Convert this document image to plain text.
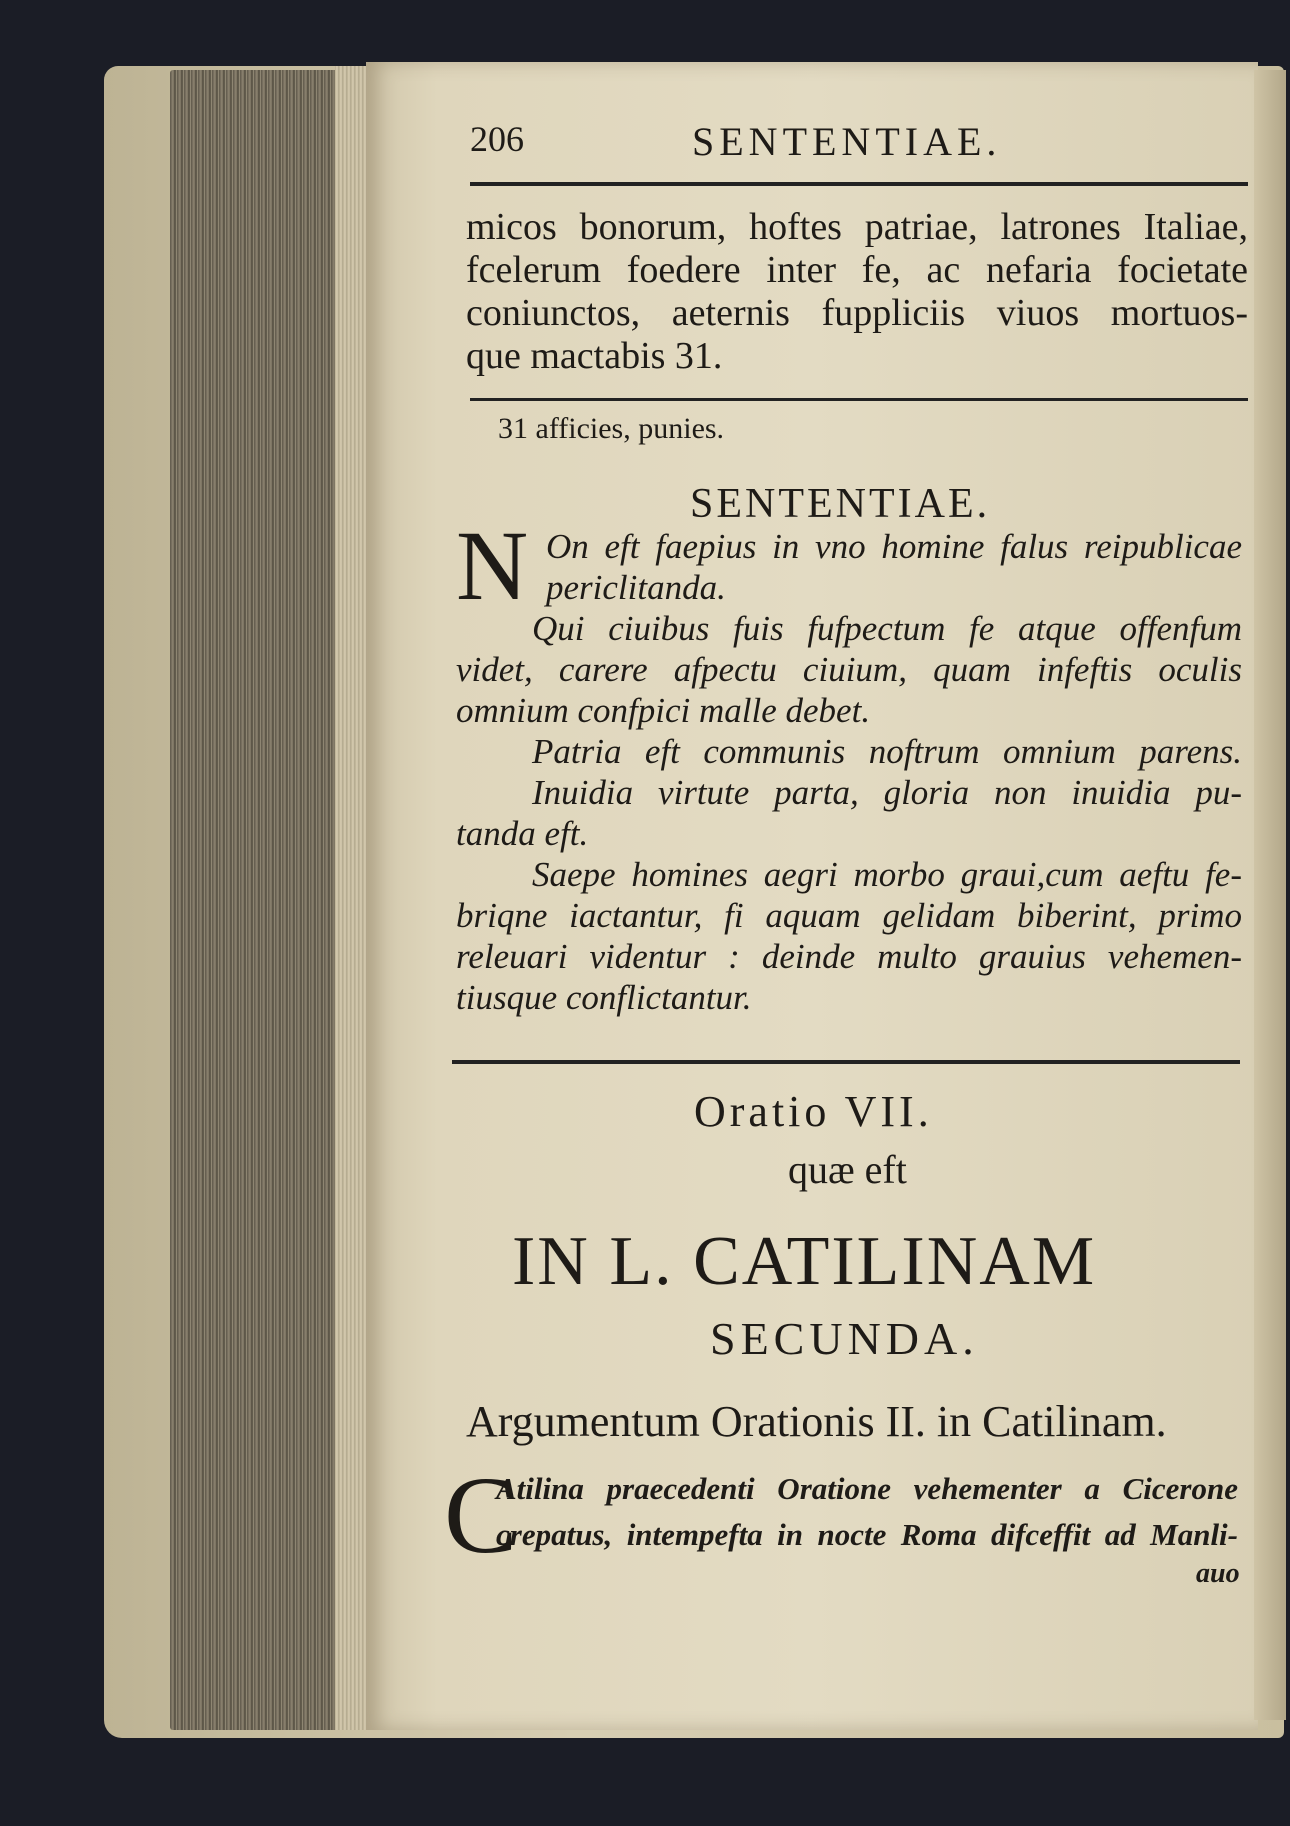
206	SENTENTIAE.
micos bonorum, hoftes patriae, latrones Italiae,
fcelerum foedere inter fe, ac nefaria focietate
coniunctos, aeternis fuppliciis viuos mortuos-
que mactabis 31.
31 afficies, punies.
SENTENTIAE.
N On eft faepius in vno homine falus reipublicae
periclitanda.
Qui ciuibus fuis fufpectum fe atque offenfum
videt, carere afpectu ciuium, quam infeftis oculis
omnium confpici malle debet.
Patria eft communis noftrum omnium parens.
Inuidia virtute parta, gloria non inuidia pu-
tanda eft.
Saepe homines aegri morbo graui,cum aeftu fe-
briqne iactantur, fi aquam gelidam biberint, primo
releuari videntur : deinde multo grauius vehemen-
tiusque conflictantur.
Oratio VII.
quæ eft
IN L. CATILINAM
SECUNDA.
Argumentum Orationis II. in Catilinam.
C
Atilina praecedenti Oratione vehementer a Cicerone
crepatus, intempefta in nocte Roma difceffit ad Manli-
auo
